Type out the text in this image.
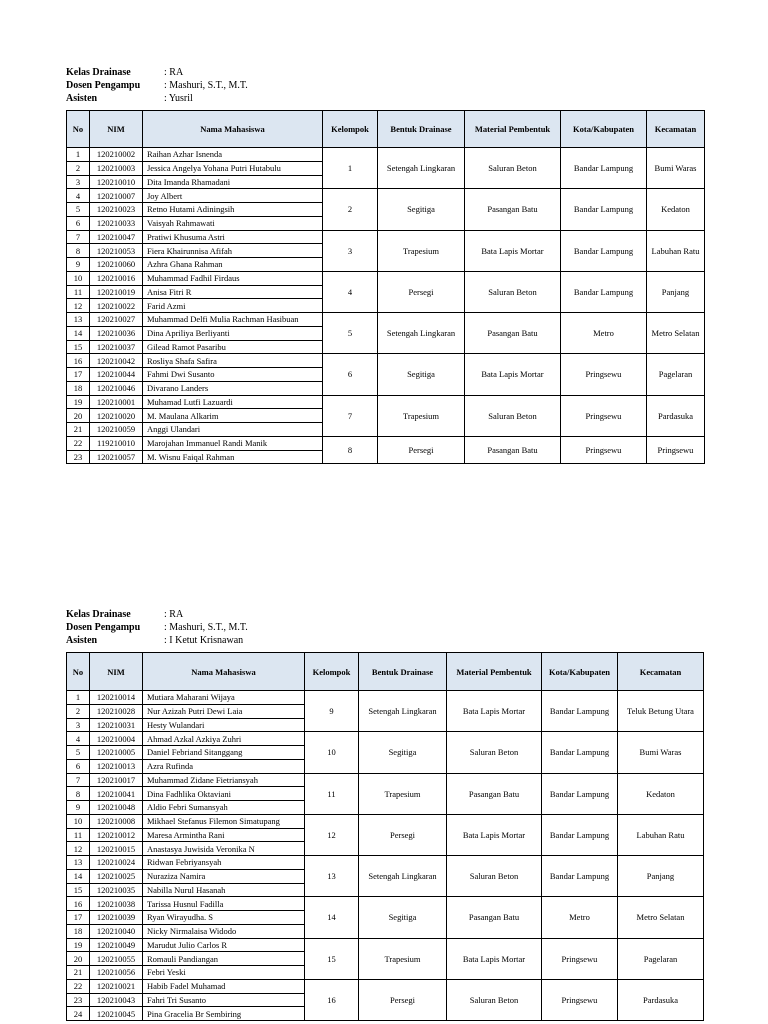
Kelas Drainase	: RA
Dosen Pengampu	: Mashuri, S.T., M.T.
Asisten	: Yusril
No	NIM	Nama Mahasiswa	Kelompok	Bentuk Drainase	Material Pembentuk	Kota/Kabupaten	Kecamatan
1	120210002	Raihan Azhar Isnenda	1	Setengah Lingkaran	Saluran Beton	Bandar Lampung	Bumi Waras
2	120210003	Jessica Angelya Yohana Putri Hutabulu					
3	120210010	Dita Imanda Rhamadani					
4	120210007	Joy Albert	2	Segitiga	Pasangan Batu	Bandar Lampung	Kedaton
5	120210023	Retno Hutami Adiningsih					
6	120210033	Vaisyah Rahmawati					
7	120210047	Pratiwi Khusuma Astri	3	Trapesium	Bata Lapis Mortar	Bandar Lampung	Labuhan Ratu
8	120210053	Fiera Khairunnisa Afifah					
9	120210060	Azhra Ghana Rahman					
10	120210016	Muhammad Fadhil Firdaus	4	Persegi	Saluran Beton	Bandar Lampung	Panjang
11	120210019	Anisa Fitri R					
12	120210022	Farid Azmi					
13	120210027	Muhammad Delfi Mulia Rachman Hasibuan	5	Setengah Lingkaran	Pasangan Batu	Metro	Metro Selatan
14	120210036	Dina Apriliya Berliyanti					
15	120210037	Gilead Ramot Pasaribu					
16	120210042	Rosliya Shafa Safira	6	Segitiga	Bata Lapis Mortar	Pringsewu	Pagelaran
17	120210044	Fahmi Dwi Susanto					
18	120210046	Divarano Landers					
19	120210001	Muhamad Lutfi Lazuardi	7	Trapesium	Saluran Beton	Pringsewu	Pardasuka
20	120210020	M. Maulana Alkarim					
21	120210059	Anggi Ulandari					
22	119210010	Marojahan Immanuel Randi Manik	8	Persegi	Pasangan Batu	Pringsewu	Pringsewu
23	120210057	M. Wisnu Faiqal Rahman					
Kelas Drainase	: RA
Dosen Pengampu	: Mashuri, S.T., M.T.
Asisten	: I Ketut Krisnawan
No	NIM	Nama Mahasiswa	Kelompok	Bentuk Drainase	Material Pembentuk	Kota/Kabupaten	Kecamatan
1	120210014	Mutiara Maharani Wijaya	9	Setengah Lingkaran	Bata Lapis Mortar	Bandar Lampung	Teluk Betung Utara
2	120210028	Nur Azizah Putri Dewi Laia					
3	120210031	Hesty Wulandari					
4	120210004	Ahmad Azkal Azkiya Zuhri	10	Segitiga	Saluran Beton	Bandar Lampung	Bumi Waras
5	120210005	Daniel Febriand Sitanggang					
6	120210013	Azra Rufinda					
7	120210017	Muhammad Zidane Fietriansyah	11	Trapesium	Pasangan Batu	Bandar Lampung	Kedaton
8	120210041	Dina Fadhlika Oktaviani					
9	120210048	Aldio Febri Sumansyah					
10	120210008	Mikhael Stefanus Filemon Simatupang	12	Persegi	Bata Lapis Mortar	Bandar Lampung	Labuhan Ratu
11	120210012	Maresa Armintha Rani					
12	120210015	Anastasya Juwisida Veronika N					
13	120210024	Ridwan Febriyansyah	13	Setengah Lingkaran	Saluran Beton	Bandar Lampung	Panjang
14	120210025	Nuraziza Namira					
15	120210035	Nabilla Nurul Hasanah					
16	120210038	Tarissa Husnul Fadilla	14	Segitiga	Pasangan Batu	Metro	Metro Selatan
17	120210039	Ryan Wirayudha. S					
18	120210040	Nicky Nirmalaisa Widodo					
19	120210049	Marudut Julio Carlos R	15	Trapesium	Bata Lapis Mortar	Pringsewu	Pagelaran
20	120210055	Romauli Pandiangan					
21	120210056	Febri Yeski					
22	120210021	Habib Fadel Muhamad	16	Persegi	Saluran Beton	Pringsewu	Pardasuka
23	120210043	Fahri Tri Susanto					
24	120210045	Pina Gracelia Br Sembiring					
